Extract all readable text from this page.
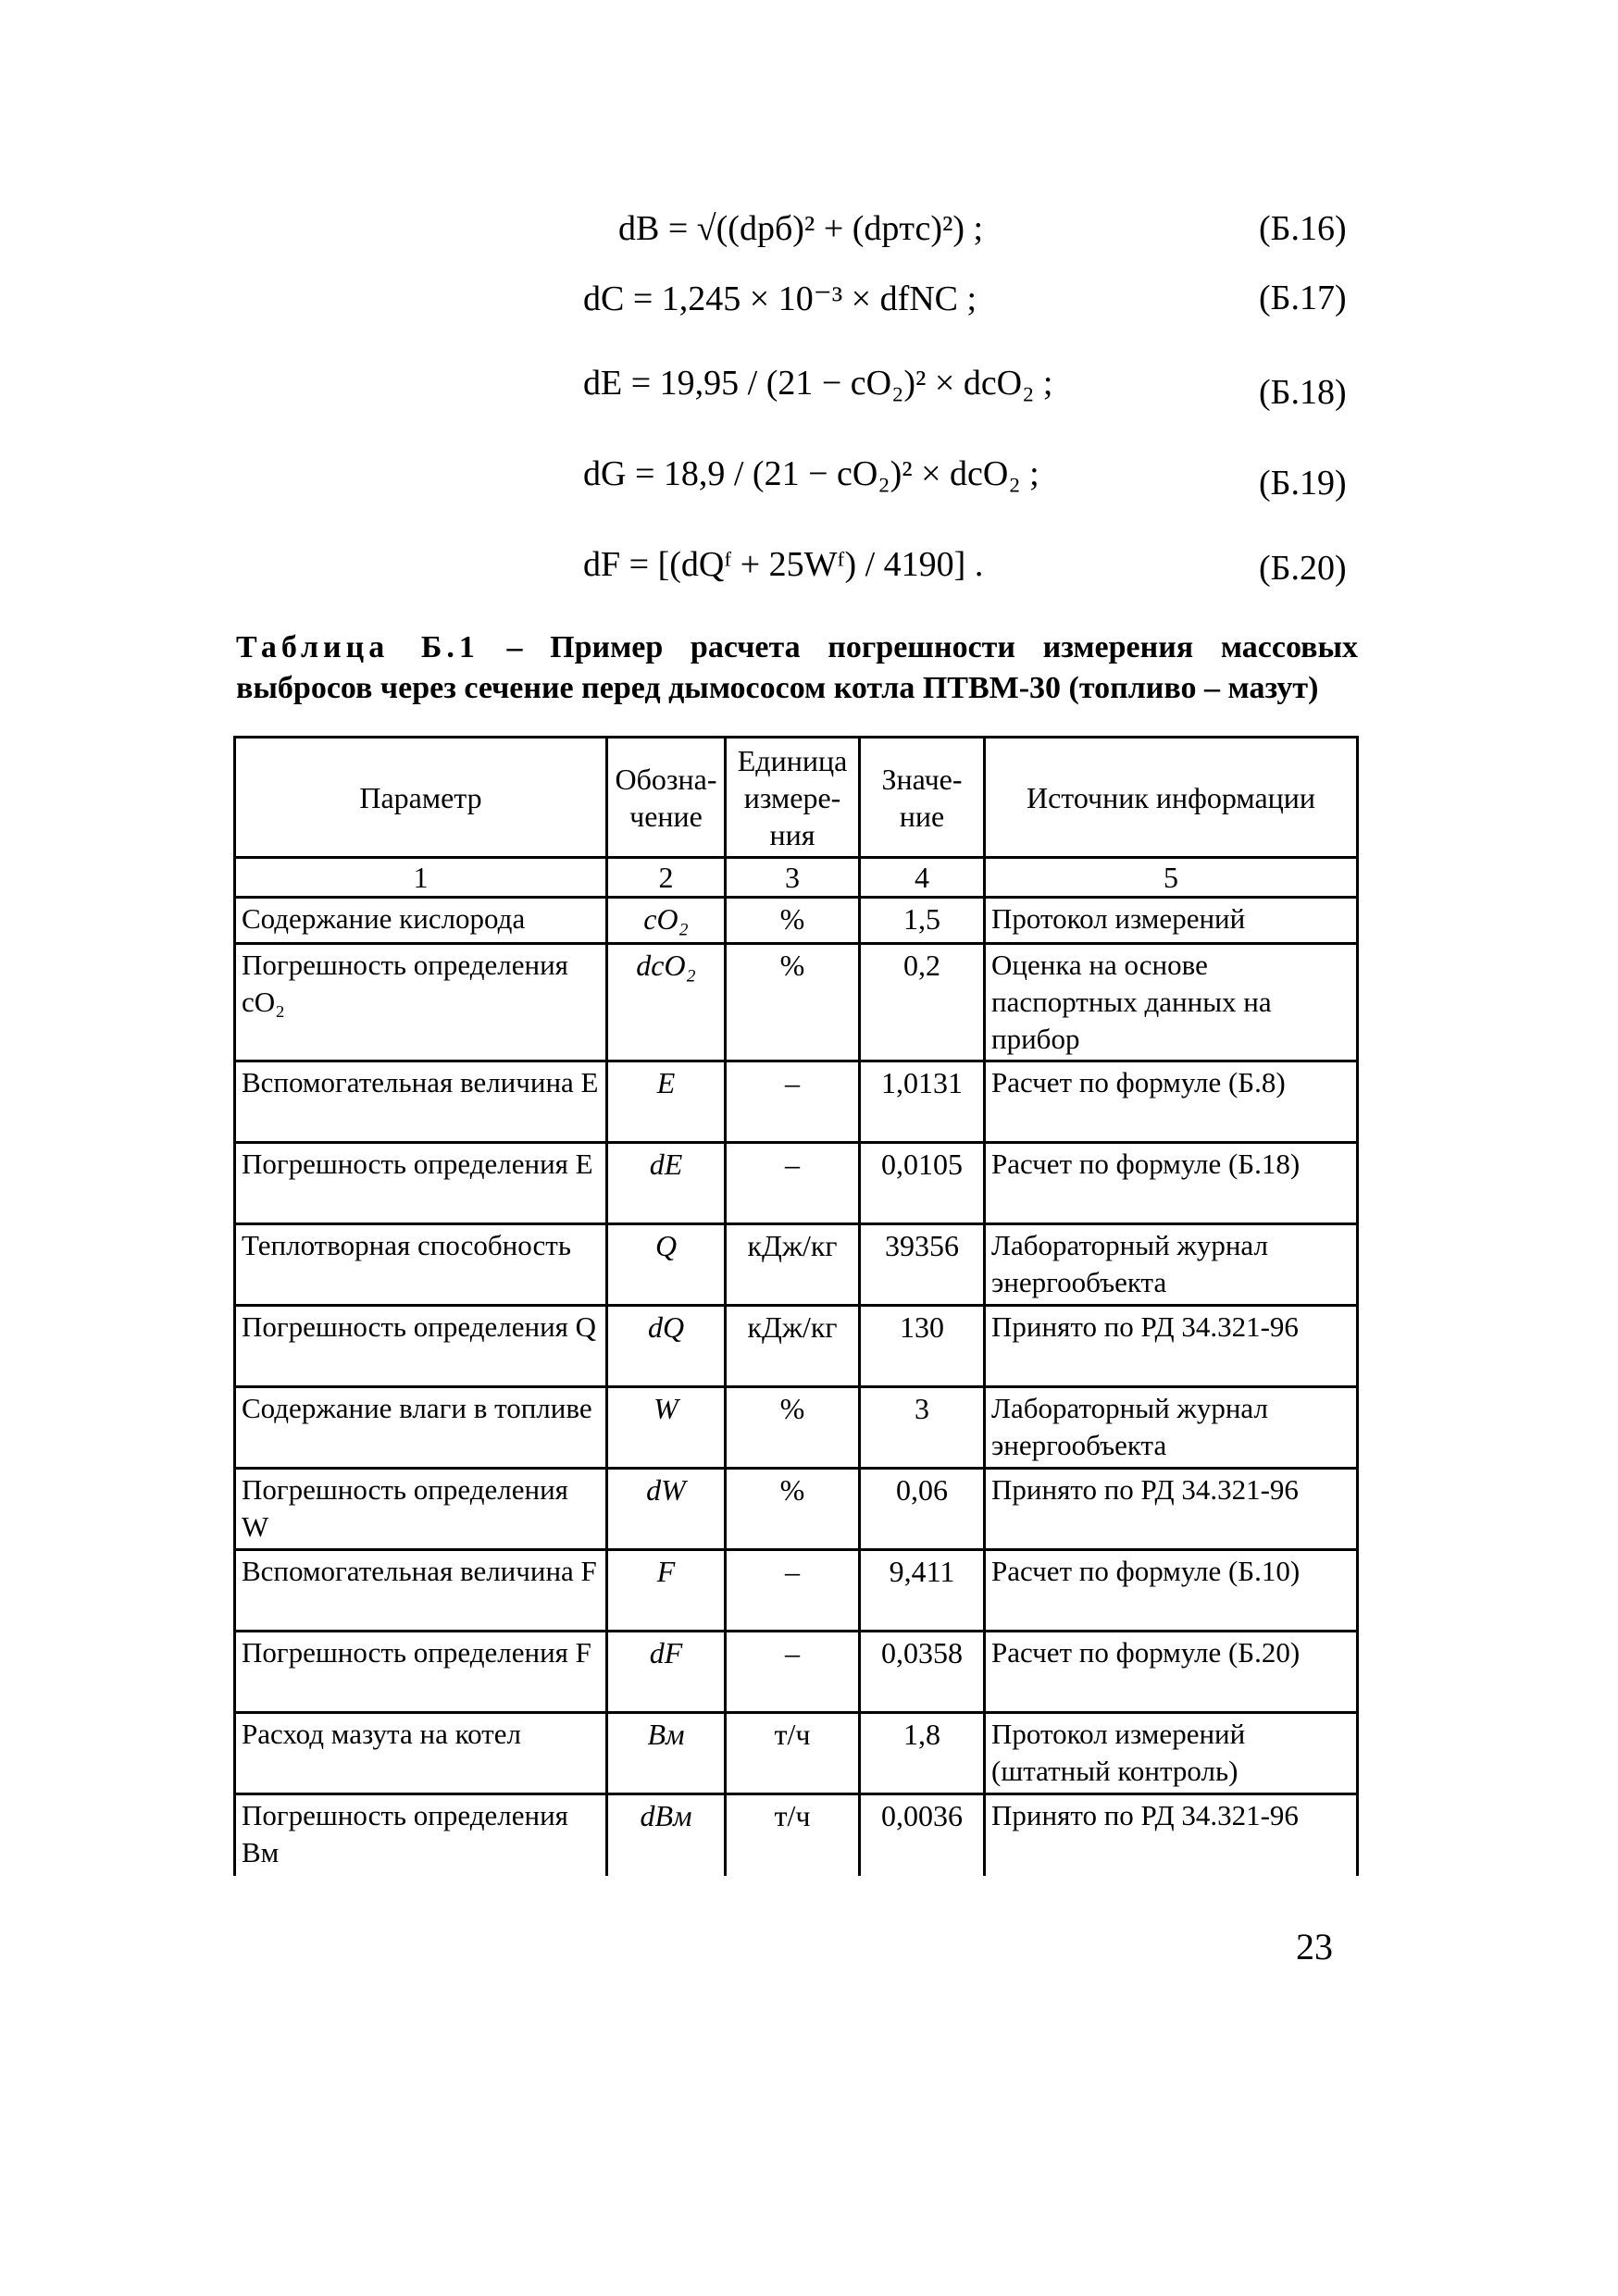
dB = √((dpб)² + (dpтс)²) ;	(Б.16)
dC = 1,245 × 10⁻³ × dfNC ;	(Б.17)
dE = 19,95 / (21 − cO₂)² × dcO₂ ;	(Б.18)
dG = 18,9 / (21 − cO₂)² × dcO₂ ;	(Б.19)
dF = [(dQᶠ + 25Wᶠ) / 4190] .	(Б.20)
Таблица Б.1 – Пример расчета погрешности измерения массовых выбросов через сечение перед дымососом котла ПТВМ-30 (топливо – мазут)
Параметр	Обозна-чение	Единица измере-ния	Значе-ние	Источник информации
1	2	3	4	5
Содержание кислорода	cO₂	%	1,5	Протокол измерений
Погрешность определения cO₂	dcO₂	%	0,2	Оценка на основе паспортных данных на прибор
Вспомогательная величина E	E	–	1,0131	Расчет по формуле (Б.8)
Погрешность определения E	dE	–	0,0105	Расчет по формуле (Б.18)
Теплотворная способность	Q	кДж/кг	39356	Лабораторный журнал энергообъекта
Погрешность определения Q	dQ	кДж/кг	130	Принято по РД 34.321-96
Содержание влаги в топливе	W	%	3	Лабораторный журнал энергообъекта
Погрешность определения W	dW	%	0,06	Принято по РД 34.321-96
Вспомогательная величина F	F	–	9,411	Расчет по формуле (Б.10)
Погрешность определения F	dF	–	0,0358	Расчет по формуле (Б.20)
Расход мазута на котел	Bм	т/ч	1,8	Протокол измерений (штатный контроль)
Погрешность определения Bм	dBм	т/ч	0,0036	Принято по РД 34.321-96
23
